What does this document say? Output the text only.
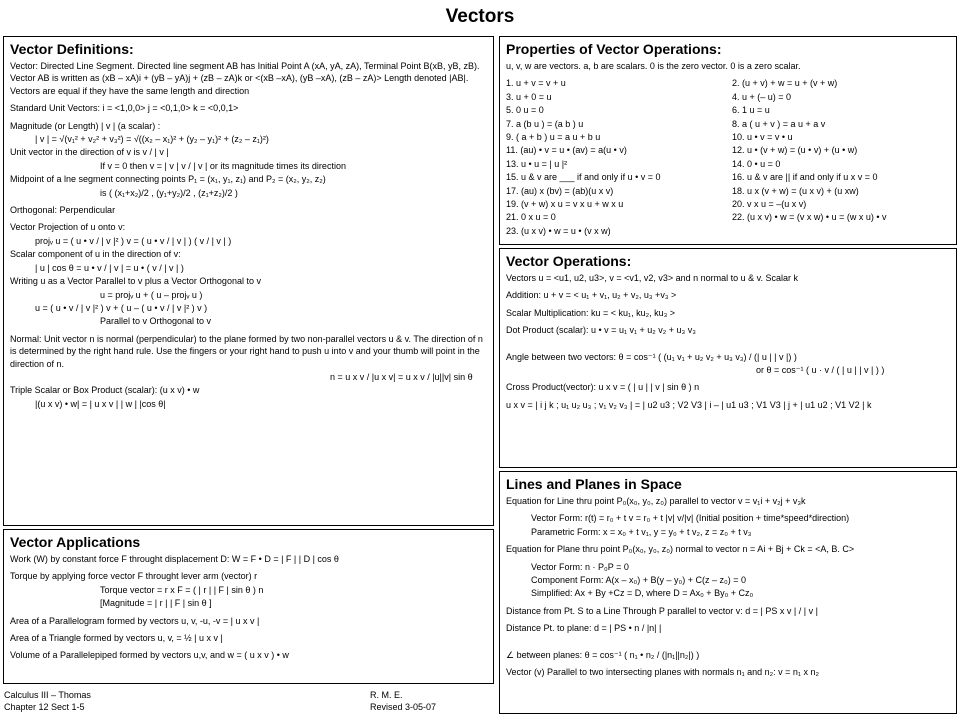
Vectors
Vector Definitions:
Vector: Directed Line Segment. Directed line segment AB has Initial Point A (xA, yA, zA), Terminal Point B(xB, yB, zB). Vector AB is written as (xB – xA)i + (yB – yA)j + (zB – zA)k or <(xB –xA), (yB –xA), (zB – zA)> Length denoted |AB|. Vectors are equal if they have the same length and direction
Standard Unit Vectors: i = <1,0,0> j = <0,1,0> k = <0,0,1>
Magnitude (or Length) | v | (a scalar) :
| v | = √(v₁² + v₂² + v₃²) = √((x₂ – x₁)² + (y₂ – y₁)² + (z₂ – z₁)²)
Unit vector in the direction of v is v / | v |
If v = 0 then v = | v | v / | v | or its magnitude times its direction
Midpoint of a lne segment connecting points P₁ = (x₁, y₁, z₁) and P₂ = (x₂, y₂, z₂)
is ( (x₁+x₂)/2 , (y₁+y₂)/2 , (z₁+z₂)/2 )
Orthogonal: Perpendicular
Vector Projection of u onto v:
projᵥ u = ( u • v / | v |² ) v = ( u • v / | v | ) ( v / | v | )
Scalar component of u in the direction of v:
| u | cos θ = u • v / | v | = u • ( v / | v | )
Writing u as a Vector Parallel to v plus a Vector Orthogonal to v
u = projᵥ u + ( u – projᵥ u )
u = ( u • v / | v |² ) v + ( u – ( u • v / | v |² ) v )
Parallel to v Orthogonal to v
Normal: Unit vector n is normal (perpendicular) to the plane formed by two non-parallel vectors u & v. The direction of n is determined by the right hand rule. Use the fingers or your right hand to push u into v and your thumb will point in the direction of n.
n = u x v / |u x v| = u x v / |u||v| sin θ
Triple Scalar or Box Product (scalar): (u x v) • w
|(u x v) • w| = | u x v | | w | |cos θ|
Vector Applications
Work (W) by constant force F throught displacement D: W = F • D = | F | | D | cos θ
Torque by applying force vector F throught lever arm (vector) r
Torque vector = r x F = ( | r | | F | sin θ ) n
[Magnitude = | r | | F | sin θ ]
Area of a Parallelogram formed by vectors u, v, -u, -v = | u x v |
Area of a Triangle formed by vectors u, v, = ½ | u x v |
Volume of a Parallelepiped formed by vectors u,v, and w = ( u x v ) • w
Properties of Vector Operations:
u, v, w are vectors. a, b are scalars. 0 is the zero vector. 0 is a zero scalar.
1. u + v = v + u	2. (u + v) + w = u + (v + w)
3. u + 0 = u	4. u + (– u) = 0
5. 0 u = 0	6. 1 u = u
7. a (b u ) = (a b ) u	8. a ( u + v ) = a u + a v
9. ( a + b ) u = a u + b u	10. u • v = v • u
11. (au) • v = u • (av) = a(u • v)	12. u • (v + w) = (u • v) + (u • w)
13. u • u = | u |²	14. 0 • u = 0
15. u & v are ___ if and only if u • v = 0	16. u & v are || if and only if u x v = 0
17. (au) x (bv) = (ab)(u x v)	18. u x (v + w) = (u x v) + (u xw)
19. (v + w) x u = v x u + w x u	20. v x u = –(u x v)
21. 0 x u = 0	22. (u x v) • w = (v x w) • u = (w x u) • v
23. (u x v) • w = u • (v x w)
Vector Operations:
Vectors u = <u1, u2, u3>, v = <v1, v2, v3> and n normal to u & v. Scalar k
Addition: u + v = < u₁ + v₁, u₂ + v₂, u₃ +v₃ >
Scalar Multiplication: ku = < ku₁, ku₂, ku₃ >
Dot Product (scalar): u • v = u₁ v₁ + u₂ v₂ + u₃ v₃
Angle between two vectors: θ = cos⁻¹ ( (u₁ v₁ + u₂ v₂ + u₃ v₃) / (| u | | v |) )
or θ = cos⁻¹ ( u · v / ( | u | | v | ) )
Cross Product(vector): u x v = ( | u | | v | sin θ ) n
u x v = | i j k ; u₁ u₂ u₃ ; v₁ v₂ v₃ | = | u2 u3 ; V2 V3 | i – | u1 u3 ; V1 V3 | j + | u1 u2 ; V1 V2 | k
Lines and Planes in Space
Equation for Line thru point P₀(x₀, y₀, z₀) parallel to vector v = v₁i + v₂j + v₃k
Vector Form: r(t) = r₀ + t v = r₀ + t |v| v/|v| (Initial position + time*speed*direction)
Parametric Form: x = x₀ + t v₁, y = y₀ + t v₂, z = z₀ + t v₃
Equation for Plane thru point P₀(x₀, y₀, z₀) normal to vector n = Ai + Bj + Ck = <A, B. C>
Vector Form: n · P₀P = 0
Component Form: A(x – x₀) + B(y – y₀) + C(z – z₀) = 0
Simplified: Ax + By +Cz = D, where D = Ax₀ + By₀ + Cz₀
Distance from Pt. S to a Line Through P parallel to vector v: d = | PS x v | / | v |
Distance Pt. to plane: d = | PS • n / |n| |
∠ between planes: θ = cos⁻¹ ( n₁ • n₂ / (|n₁||n₂|) )
Vector (v) Parallel to two intersecting planes with normals n₁ and n₂: v = n₁ x n₂
Calculus III – Thomas
Chapter 12 Sect 1-5
R. M. E.
Revised 3-05-07
